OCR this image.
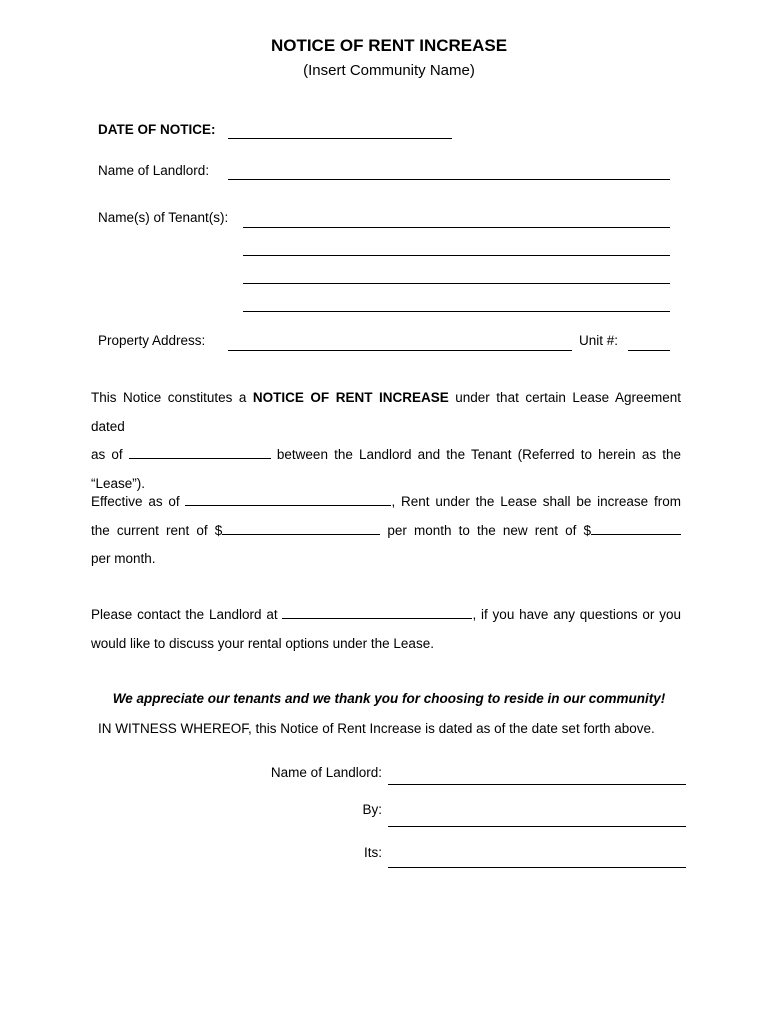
NOTICE OF RENT INCREASE
(Insert Community Name)
DATE OF NOTICE:
Name of Landlord:
Name(s) of Tenant(s):
Property Address:	Unit #:

This Notice constitutes a NOTICE OF RENT INCREASE under that certain Lease Agreement dated

as of	between the Landlord and the Tenant (Referred to herein as the

“Lease”).

Effective as of	, Rent under the Lease shall be increase from

the current rent of $	per month to the new rent of $

per month.

Please contact the Landlord at	, if you have any questions or you

would like to discuss your rental options under the Lease.

We appreciate our tenants and we thank you for choosing to reside in our community!
IN WITNESS WHEREOF, this Notice of Rent Increase is dated as of the date set forth above.
Name of Landlord:
By:
Its:
